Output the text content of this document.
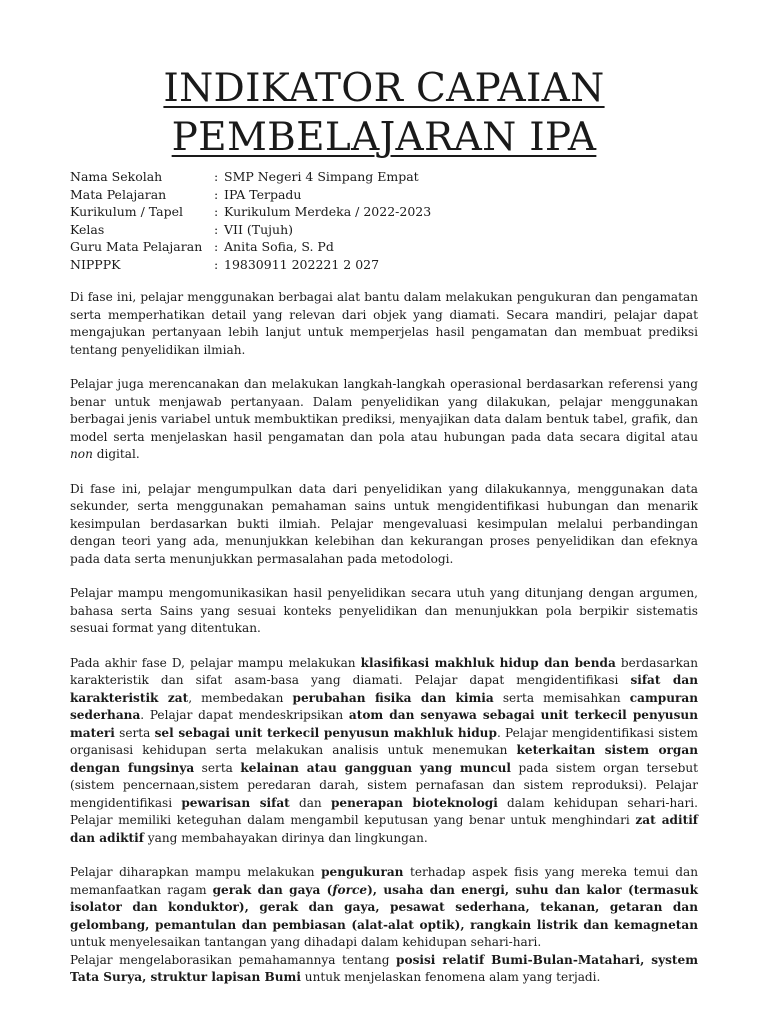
INDIKATOR CAPAIAN
PEMBELAJARAN IPA
Nama Sekolah	: SMP Negeri 4 Simpang Empat
Mata Pelajaran	: IPA Terpadu
Kurikulum / Tapel	: Kurikulum Merdeka / 2022-2023
Kelas	: VII (Tujuh)
Guru Mata Pelajaran : Anita Sofia, S. Pd
NIPPPK	: 19830911 202221 2 027

Di fase ini, pelajar menggunakan berbagai alat bantu dalam melakukan pengukuran dan pengamatan serta memperhatikan detail yang relevan dari objek yang diamati. Secara mandiri, pelajar dapat mengajukan pertanyaan lebih lanjut untuk memperjelas hasil pengamatan dan membuat prediksi tentang penyelidikan ilmiah.

Pelajar juga merencanakan dan melakukan langkah-langkah operasional berdasarkan referensi yang benar untuk menjawab pertanyaan. Dalam penyelidikan yang dilakukan, pelajar menggunakan berbagai jenis variabel untuk membuktikan prediksi, menyajikan data dalam bentuk tabel, grafik, dan model serta menjelaskan hasil pengamatan dan pola atau hubungan pada data secara digital atau non digital.

Di fase ini, pelajar mengumpulkan data dari penyelidikan yang dilakukannya, menggunakan data sekunder, serta menggunakan pemahaman sains untuk mengidentifikasi hubungan dan menarik kesimpulan berdasarkan bukti ilmiah. Pelajar mengevaluasi kesimpulan melalui perbandingan dengan teori yang ada, menunjukkan kelebihan dan kekurangan proses penyelidikan dan efeknya pada data serta menunjukkan permasalahan pada metodologi.

Pelajar mampu mengomunikasikan hasil penyelidikan secara utuh yang ditunjang dengan argumen, bahasa serta Sains yang sesuai konteks penyelidikan dan menunjukkan pola berpikir sistematis sesuai format yang ditentukan.

Pada akhir fase D, pelajar mampu melakukan klasifikasi makhluk hidup dan benda berdasarkan karakteristik dan sifat asam-basa yang diamati. Pelajar dapat mengidentifikasi sifat dan karakteristik zat, membedakan perubahan fisika dan kimia serta memisahkan campuran sederhana. Pelajar dapat mendeskripsikan atom dan senyawa sebagai unit terkecil penyusun materi serta sel sebagai unit terkecil penyusun makhluk hidup. Pelajar mengidentifikasi sistem organisasi kehidupan serta melakukan analisis untuk menemukan keterkaitan sistem organ dengan fungsinya serta kelainan atau gangguan yang muncul pada sistem organ tersebut (sistem pencernaan,sistem peredaran darah, sistem pernafasan dan sistem reproduksi). Pelajar mengidentifikasi pewarisan sifat dan penerapan bioteknologi dalam kehidupan sehari-hari. Pelajar memiliki keteguhan dalam mengambil keputusan yang benar untuk menghindari zat aditif dan adiktif yang membahayakan dirinya dan lingkungan.

Pelajar diharapkan mampu melakukan pengukuran terhadap aspek fisis yang mereka temui dan memanfaatkan ragam gerak dan gaya (force), usaha dan energi, suhu dan kalor (termasuk isolator dan konduktor), gerak dan gaya, pesawat sederhana, tekanan, getaran dan gelombang, pemantulan dan pembiasan (alat-alat optik), rangkain listrik dan kemagnetan untuk menyelesaikan tantangan yang dihadapi dalam kehidupan sehari-hari.

Pelajar mengelaborasikan pemahamannya tentang posisi relatif Bumi-Bulan-Matahari, system Tata Surya, struktur lapisan Bumi untuk menjelaskan fenomena alam yang terjadi.
